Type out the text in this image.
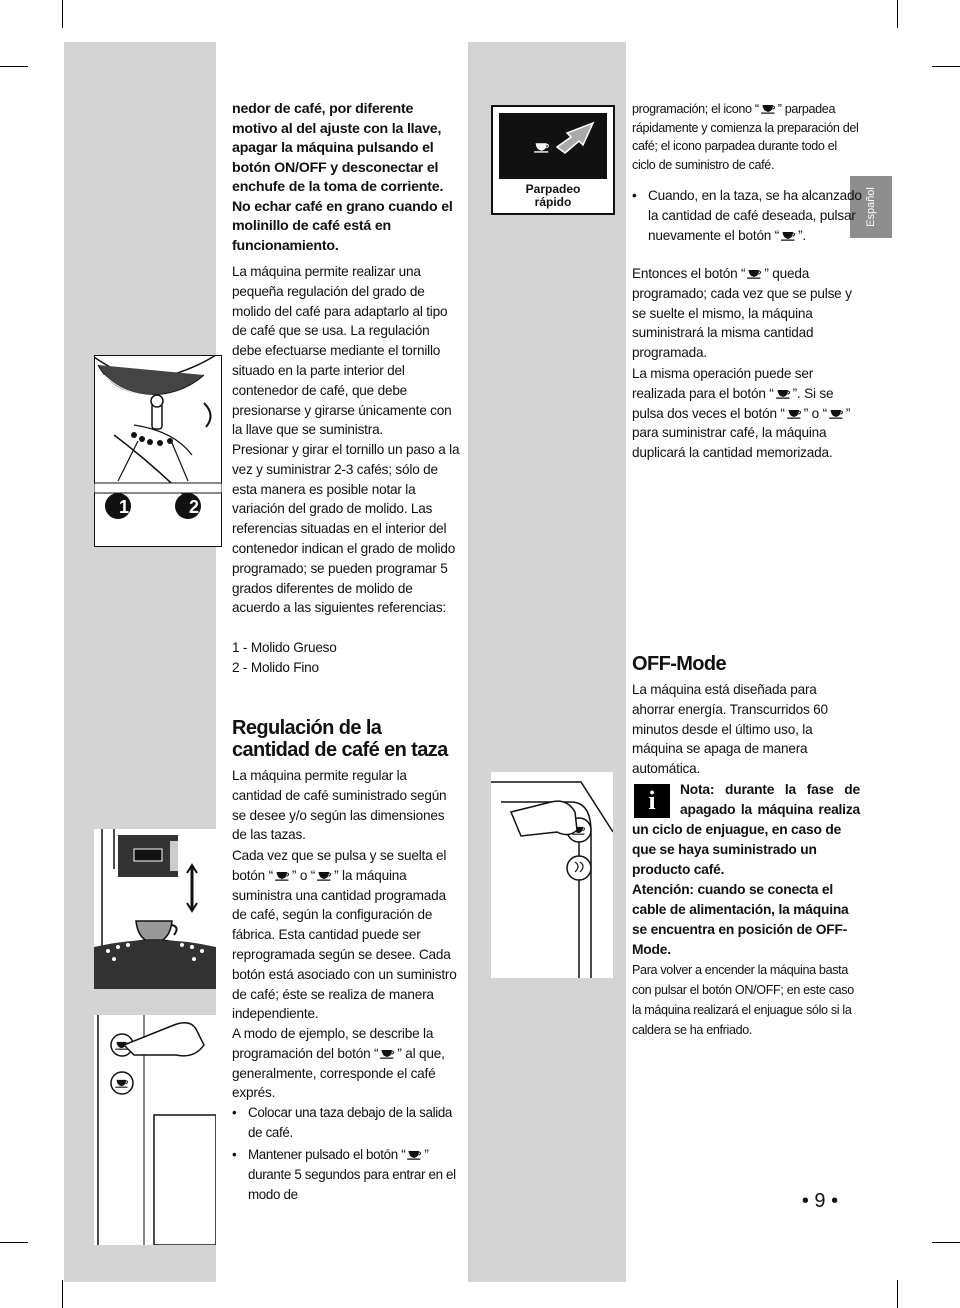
Español
1	2
Parpadeo rápido
nedor de café, por diferente motivo al del ajuste con la llave, apagar la máquina pulsando el botón ON/OFF y desconectar el enchufe de la toma de corriente. No echar café en grano cuando el molinillo de café está en funcionamiento.
La máquina permite realizar una pequeña regulación del grado de molido del café para adaptarlo al tipo de café que se usa. La regulación debe efectuarse mediante el tornillo situado en la parte interior del contenedor de café, que debe presionarse y girarse únicamente con la llave que se suministra.
Presionar y girar el tornillo un paso a la vez y suministrar 2-3 cafés; sólo de esta manera es posible notar la variación del grado de molido. Las referencias situadas en el interior del contenedor indican el grado de molido programado; se pueden programar 5 grados diferentes de molido de acuerdo a las siguientes referencias:
1 - Molido Grueso
2 - Molido Fino
Regulación de la cantidad de café en taza
La máquina permite regular la cantidad de café suministrado según se desee y/o según las dimensiones de las tazas.
Cada vez que se pulsa y se suelta el botón “ ” o “ ” la máquina suministra una cantidad programada de café, según la configuración de fábrica. Esta cantidad puede ser reprogramada según se desee. Cada botón está asociado con un suministro de café; éste se realiza de manera independiente.
A modo de ejemplo, se describe la programación del botón “ ” al que, generalmente, corresponde el café exprés.
• Colocar una taza debajo de la salida de café.
• Mantener pulsado el botón “ ” durante 5 segundos para entrar en el modo de
programación; el icono “ ” parpadea rápidamente y comienza la preparación del café; el icono parpadea durante todo el ciclo de suministro de café.
• Cuando, en la taza, se ha alcanzado la cantidad de café deseada, pulsar nuevamente el botón “ ”.
Entonces el botón “ ” queda programado; cada vez que se pulse y se suelte el mismo, la máquina suministrará la misma cantidad programada.
La misma operación puede ser realizada para el botón “ ”. Si se pulsa dos veces el botón “ ” o “ ” para suministrar café, la máquina duplicará la cantidad memorizada.
OFF-Mode
La máquina está diseñada para ahorrar energía. Transcurridos 60 minutos desde el último uso, la máquina se apaga de manera automática.
i	Nota: durante la fase de apagado la máquina realiza
un ciclo de enjuague, en caso de que se haya suministrado un producto café.
Atención: cuando se conecta el cable de alimentación, la máquina se encuentra en posición de OFF-Mode.
Para volver a encender la máquina basta con pulsar el botón ON/OFF; en este caso la máquina realizará el enjuague sólo si la caldera se ha enfriado.
• 9 •
